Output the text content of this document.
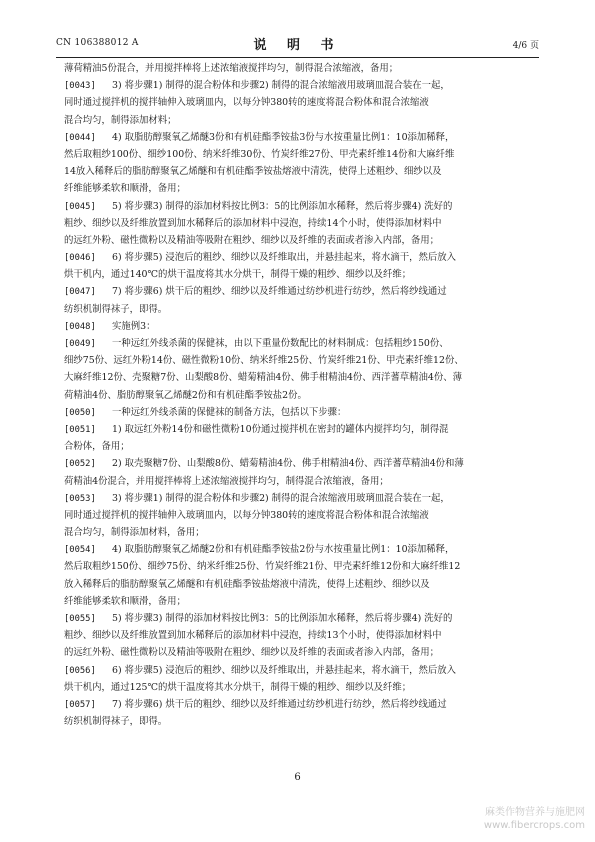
CN 106388012 A	说 明 书	4/6 页
薄荷精油5份混合，并用搅拌棒将上述浓缩液搅拌均匀，制得混合浓缩液，备用；
[0043] 3) 将步骤1) 制得的混合粉体和步骤2) 制得的混合浓缩液用玻璃皿混合装在一起，
同时通过搅拌机的搅拌轴伸入玻璃皿内，以每分钟380转的速度将混合粉体和混合浓缩液
混合均匀，制得添加材料；
[0044] 4) 取脂肪醇聚氧乙烯醚3份和有机硅酯季铵盐3份与水按重量比例1：10添加稀释，
然后取粗纱100份、细纱100份、纳米纤维30份、竹炭纤维27份、甲壳素纤维14份和大麻纤维
14放入稀释后的脂肪醇聚氧乙烯醚和有机硅酯季铵盐熔液中清洗，使得上述粗纱、细纱以及
纤维能够柔软和顺滑，备用；
[0045] 5) 将步骤3) 制得的添加材料按比例3：5的比例添加水稀释，然后将步骤4) 洗好的
粗纱、细纱以及纤维放置到加水稀释后的添加材料中浸泡，持续14个小时，使得添加材料中
的远红外粉、磁性微粉以及精油等吸附在粗纱、细纱以及纤维的表面或者渗入内部，备用；
[0046] 6) 将步骤5) 浸泡后的粗纱、细纱以及纤维取出，并悬挂起来，将水滴干，然后放入
烘干机内，通过140℃的烘干温度将其水分烘干，制得干燥的粗纱、细纱以及纤维；
[0047] 7) 将步骤6) 烘干后的粗纱、细纱以及纤维通过纺纱机进行纺纱，然后将纱线通过
纺织机制得袜子，即得。
[0048] 实施例3：
[0049] 一种远红外线杀菌的保健袜，由以下重量份数配比的材料制成：包括粗纱150份、
细纱75份、远红外粉14份、磁性微粉10份、纳米纤维25份、竹炭纤维21份、甲壳素纤维12份、
大麻纤维12份、壳聚糖7份、山梨酸8份、蜡菊精油4份、佛手柑精油4份、西洋蓍草精油4份、薄
荷精油4份、脂肪醇聚氧乙烯醚2份和有机硅酯季铵盐2份。
[0050] 一种远红外线杀菌的保健袜的制备方法，包括以下步骤：
[0051] 1) 取远红外粉14份和磁性微粉10份通过搅拌机在密封的罐体内搅拌均匀，制得混
合粉体，备用；
[0052] 2) 取壳聚糖7份、山梨酸8份、蜡菊精油4份、佛手柑精油4份、西洋蓍草精油4份和薄
荷精油4份混合，并用搅拌棒将上述浓缩液搅拌均匀，制得混合浓缩液，备用；
[0053] 3) 将步骤1) 制得的混合粉体和步骤2) 制得的混合浓缩液用玻璃皿混合装在一起，
同时通过搅拌机的搅拌轴伸入玻璃皿内，以每分钟380转的速度将混合粉体和混合浓缩液
混合均匀，制得添加材料，备用；
[0054] 4) 取脂肪醇聚氧乙烯醚2份和有机硅酯季铵盐2份与水按重量比例1：10添加稀释，
然后取粗纱150份、细纱75份、纳米纤维25份、竹炭纤维21份、甲壳素纤维12份和大麻纤维12
放入稀释后的脂肪醇聚氧乙烯醚和有机硅酯季铵盐熔液中清洗，使得上述粗纱、细纱以及
纤维能够柔软和顺滑，备用；
[0055] 5) 将步骤3) 制得的添加材料按比例3：5的比例添加水稀释，然后将步骤4) 洗好的
粗纱、细纱以及纤维放置到加水稀释后的添加材料中浸泡，持续13个小时，使得添加材料中
的远红外粉、磁性微粉以及精油等吸附在粗纱、细纱以及纤维的表面或者渗入内部，备用；
[0056] 6) 将步骤5) 浸泡后的粗纱、细纱以及纤维取出，并悬挂起来，将水滴干，然后放入
烘干机内，通过125℃的烘干温度将其水分烘干，制得干燥的粗纱、细纱以及纤维；
[0057] 7) 将步骤6) 烘干后的粗纱、细纱以及纤维通过纺纱机进行纺纱，然后将纱线通过
纺织机制得袜子，即得。
6
麻类作物营养与施肥网
www.fibercrops.com
